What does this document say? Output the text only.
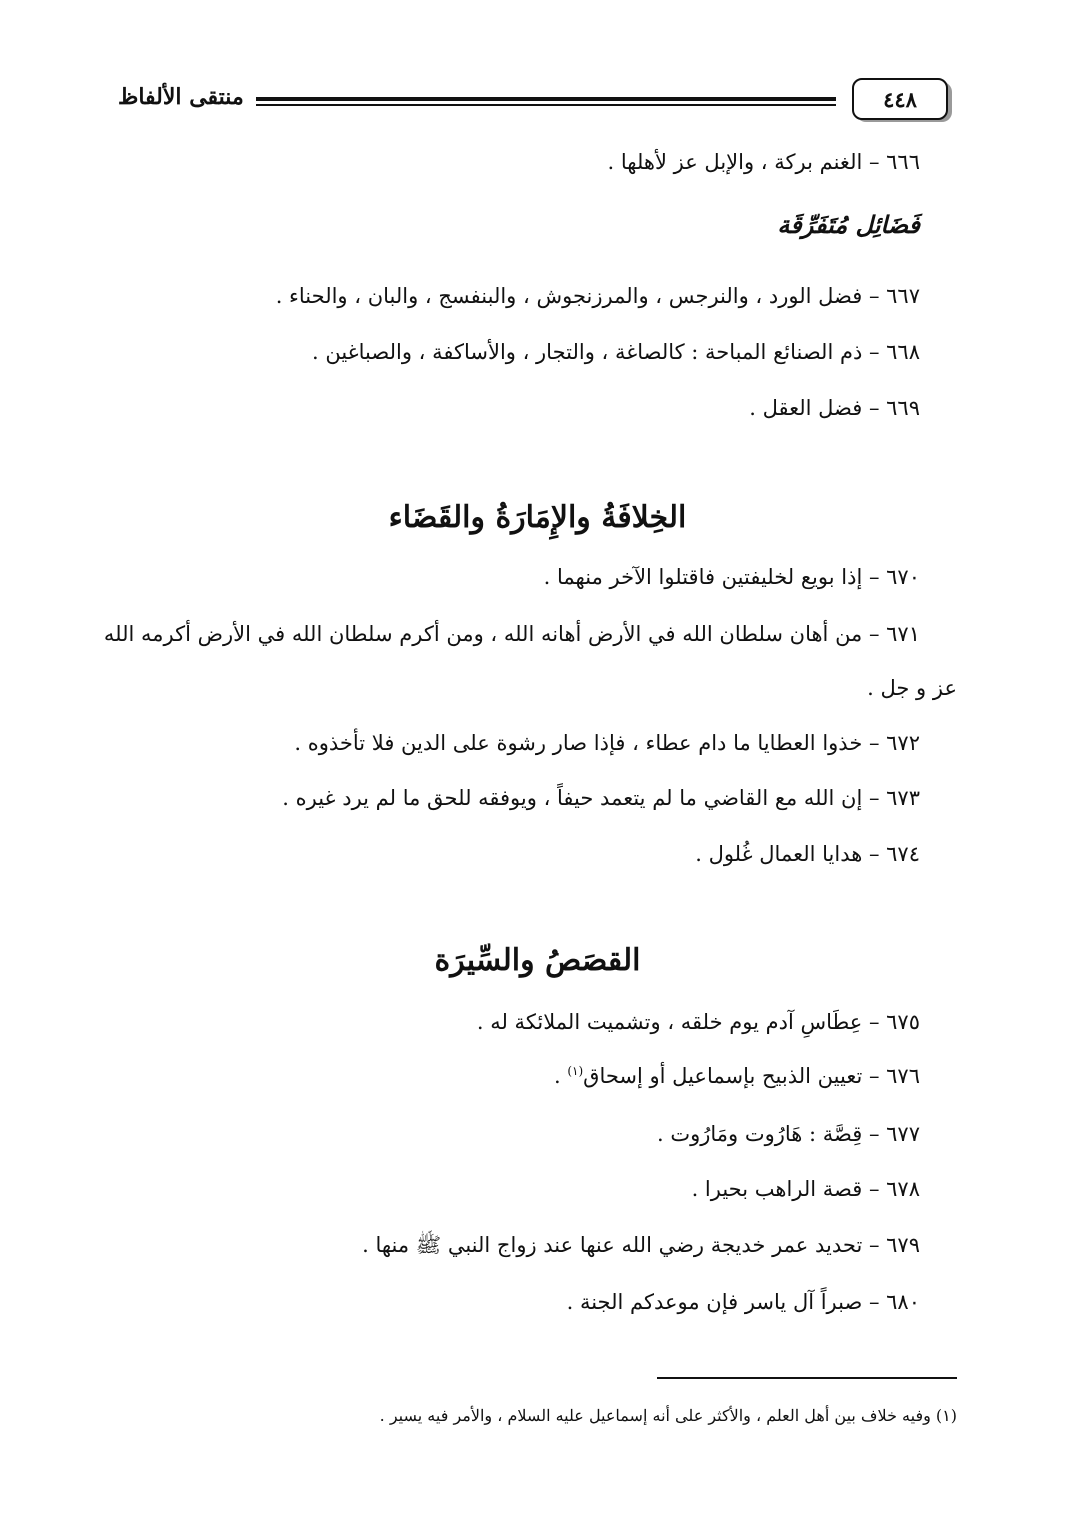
٤٤٨
منتقى الألفاظ
٦٦٦ – الغنم بركة ، والإبل عز لأهلها .
فَضَائِل مُتَفَرِّقَة
٦٦٧ – فضل الورد ، والنرجس ، والمرزنجوش ، والبنفسج ، والبان ، والحناء .
٦٦٨ – ذم الصنائع المباحة : كالصاغة ، والتجار ، والأساكفة ، والصباغين .
٦٦٩ – فضل العقل .
الخِلافَةُ والإِمَارَةُ والقَضَاء
٦٧٠ – إذا بويع لخليفتين فاقتلوا الآخر منهما .
٦٧١ – من أهان سلطان الله في الأرض أهانه الله ، ومن أكرم سلطان الله في الأرض أكرمه الله
عز و جل .
٦٧٢ – خذوا العطايا ما دام عطاء ، فإذا صار رشوة على الدين فلا تأخذوه .
٦٧٣ – إن الله مع القاضي ما لم يتعمد حيفاً ، ويوفقه للحق ما لم يرد غيره .
٦٧٤ – هدايا العمال غُلول .
القصَصُ والسِّيرَة
٦٧٥ – عِطَاسِ آدم يوم خلقه ، وتشميت الملائكة له .
٦٧٦ – تعيين الذبيح بإسماعيل أو إسحاق$^{(١)}$ .
٦٧٧ – قِصَّة : هَارُوت ومَارُوت .
٦٧٨ – قصة الراهب بحيرا .
٦٧٩ – تحديد عمر خديجة رضي الله عنها عند زواج النبي ﷺ منها .
٦٨٠ – صبراً آل ياسر فإن موعدكم الجنة .
(١) وفيه خلاف بين أهل العلم ، والأكثر على أنه إسماعيل عليه السلام ، والأمر فيه يسير .
